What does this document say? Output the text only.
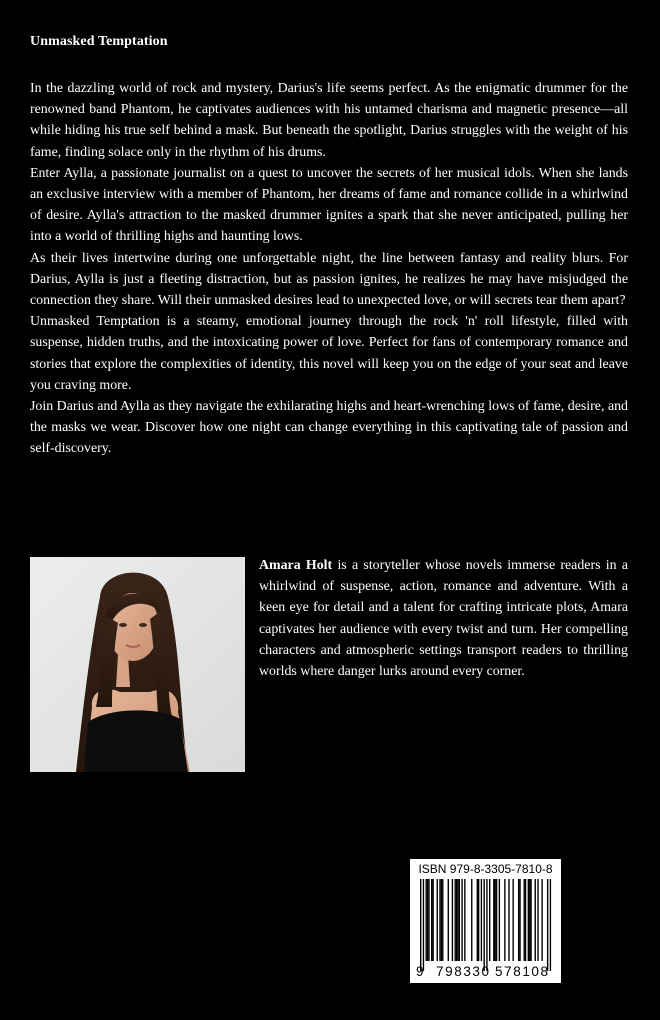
Unmasked Temptation

In the dazzling world of rock and mystery, Darius's life seems perfect. As the enigmatic drummer for the renowned band Phantom, he captivates audiences with his untamed charisma and magnetic presence—all while hiding his true self behind a mask. But beneath the spotlight, Darius struggles with the weight of his fame, finding solace only in the rhythm of his drums.

Enter Aylla, a passionate journalist on a quest to uncover the secrets of her musical idols. When she lands an exclusive interview with a member of Phantom, her dreams of fame and romance collide in a whirlwind of desire. Aylla's attraction to the masked drummer ignites a spark that she never anticipated, pulling her into a world of thrilling highs and haunting lows.

As their lives intertwine during one unforgettable night, the line between fantasy and reality blurs. For Darius, Aylla is just a fleeting distraction, but as passion ignites, he realizes he may have misjudged the connection they share. Will their unmasked desires lead to unexpected love, or will secrets tear them apart?

Unmasked Temptation is a steamy, emotional journey through the rock 'n' roll lifestyle, filled with suspense, hidden truths, and the intoxicating power of love. Perfect for fans of contemporary romance and stories that explore the complexities of identity, this novel will keep you on the edge of your seat and leave you craving more.

Join Darius and Aylla as they navigate the exhilarating highs and heart-wrenching lows of fame, desire, and the masks we wear. Discover how one night can change everything in this captivating tale of passion and self-discovery.

Amara Holt is a storyteller whose novels immerse readers in a whirlwind of suspense, action, romance and adventure. With a keen eye for detail and a talent for crafting intricate plots, Amara captivates her audience with every twist and turn. Her compelling characters and atmospheric settings transport readers to thrilling worlds where danger lurks around every corner.

ISBN 979-8-3305-7810-8
9 798330 578108
